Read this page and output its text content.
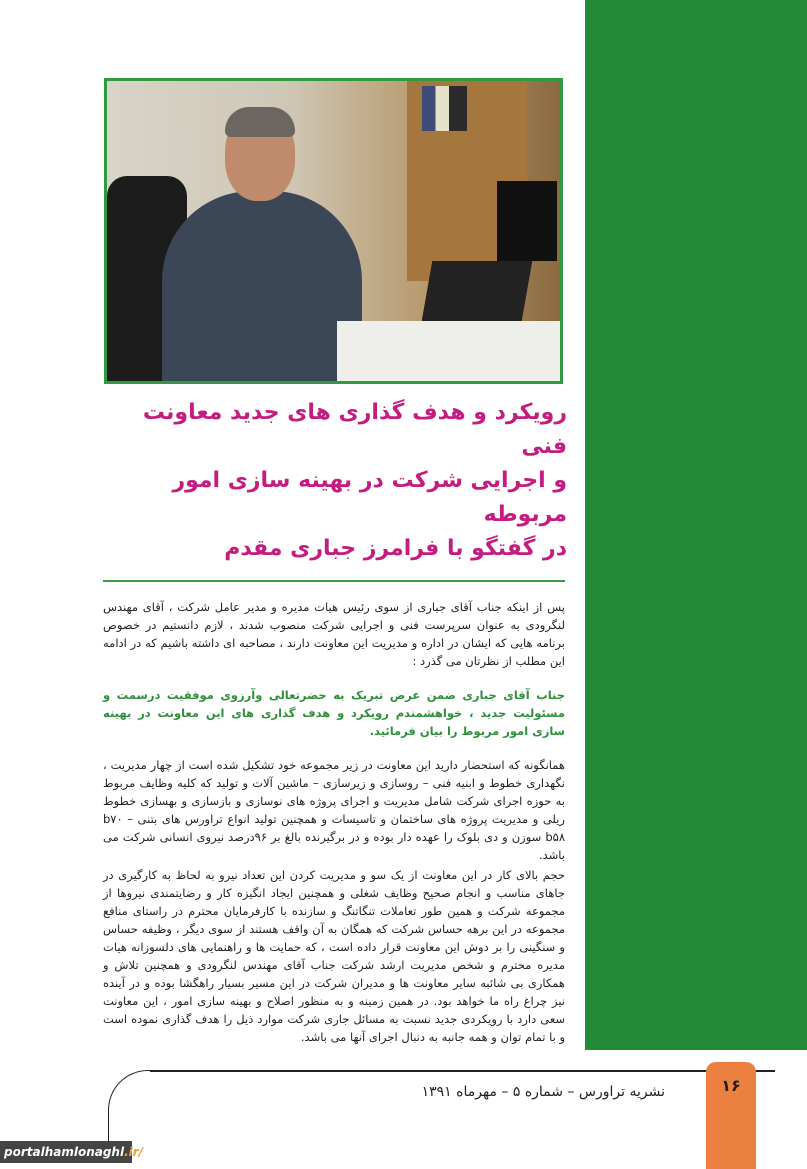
رویکرد و هدف گذاری های جدید معاونت فنی
و اجرایی شرکت در بهینه سازی امور مربوطه
در گفتگو با فرامرز جباری مقدم
پس از اینکه جناب آقای جباری از سوی رئیس هیات مدیره و مدیر عامل شرکت ، آقای مهندس لنگرودی به عنوان سرپرست فنی و اجرایی شرکت منصوب شدند ، لازم دانستیم در خصوص برنامه هایی که ایشان در اداره و مدیریت این معاونت دارند ، مصاحبه ای داشته باشیم که در ادامه این مطلب از نظرتان می گذرد :
جناب آقای جباری ضمن عرض تبریک به حضرتعالی وآرزوی موفقیت درسمت و مسئولیت جدید ، خواهشمندم رویکرد و هدف گذاری های این معاونت در بهینه سازی امور مربوط را بیان فرمائید.
همانگونه که استحضار دارید این معاونت در زیر مجموعه خود تشکیل شده است از چهار مدیریت ، نگهداری خطوط و ابنیه فنی – روسازی و زیرسازی – ماشین آلات و تولید که کلیه وظایف مربوط به حوزه اجرای شرکت شامل مدیریت و اجرای پروژه های نوسازی و بازسازی و بهسازی خطوط ریلی و مدیریت پروژه های ساختمان و تاسیسات و همچنین تولید انواع تراورس های بتنی b۷۰ – b۵۸ سوزن و دی بلوک را عهده دار بوده و در برگیرنده بالغ بر ۹۶درصد نیروی انسانی شرکت می باشد.
حجم بالای کار در این معاونت از یک سو و مدیریت کردن این تعداد نیرو به لحاظ به کارگیری در جاهای مناسب و انجام صحیح وظایف شغلی و همچنین ایجاد انگیزه کار و رضایتمندی نیروها از مجموعه شرکت و همین طور تعاملات تنگاتنگ و سازنده با کارفرمایان محترم در راستای منافع مجموعه در این برهه حساس شرکت که همگان به آن واقف هستند از سوی دیگر ، وظیفه حساس و سنگینی را بر دوش این معاونت قرار داده است ، که حمایت ها و راهنمایی های دلسوزانه هیات مدیره محترم و شخص مدیریت ارشد شرکت جناب آقای مهندس لنگرودی و همچنین تلاش و همکاری بی شائبه سایر معاونت ها و مدیران شرکت در این مسیر بسیار راهگشا بوده و در آینده نیز چراغ راه ما خواهد بود. در همین زمینه و به منظور اصلاح و بهینه سازی امور ، این معاونت سعی دارد با رویکردی جدید نسبت به مسائل جاری شرکت موارد ذیل را هدف گذاری نموده است و با تمام توان و همه جانبه به دنبال اجرای آنها می باشد.
۱۶
نشریه تراورس – شماره ۵ – مهرماه ۱۳۹۱
portalhamlonaghl.ir/
